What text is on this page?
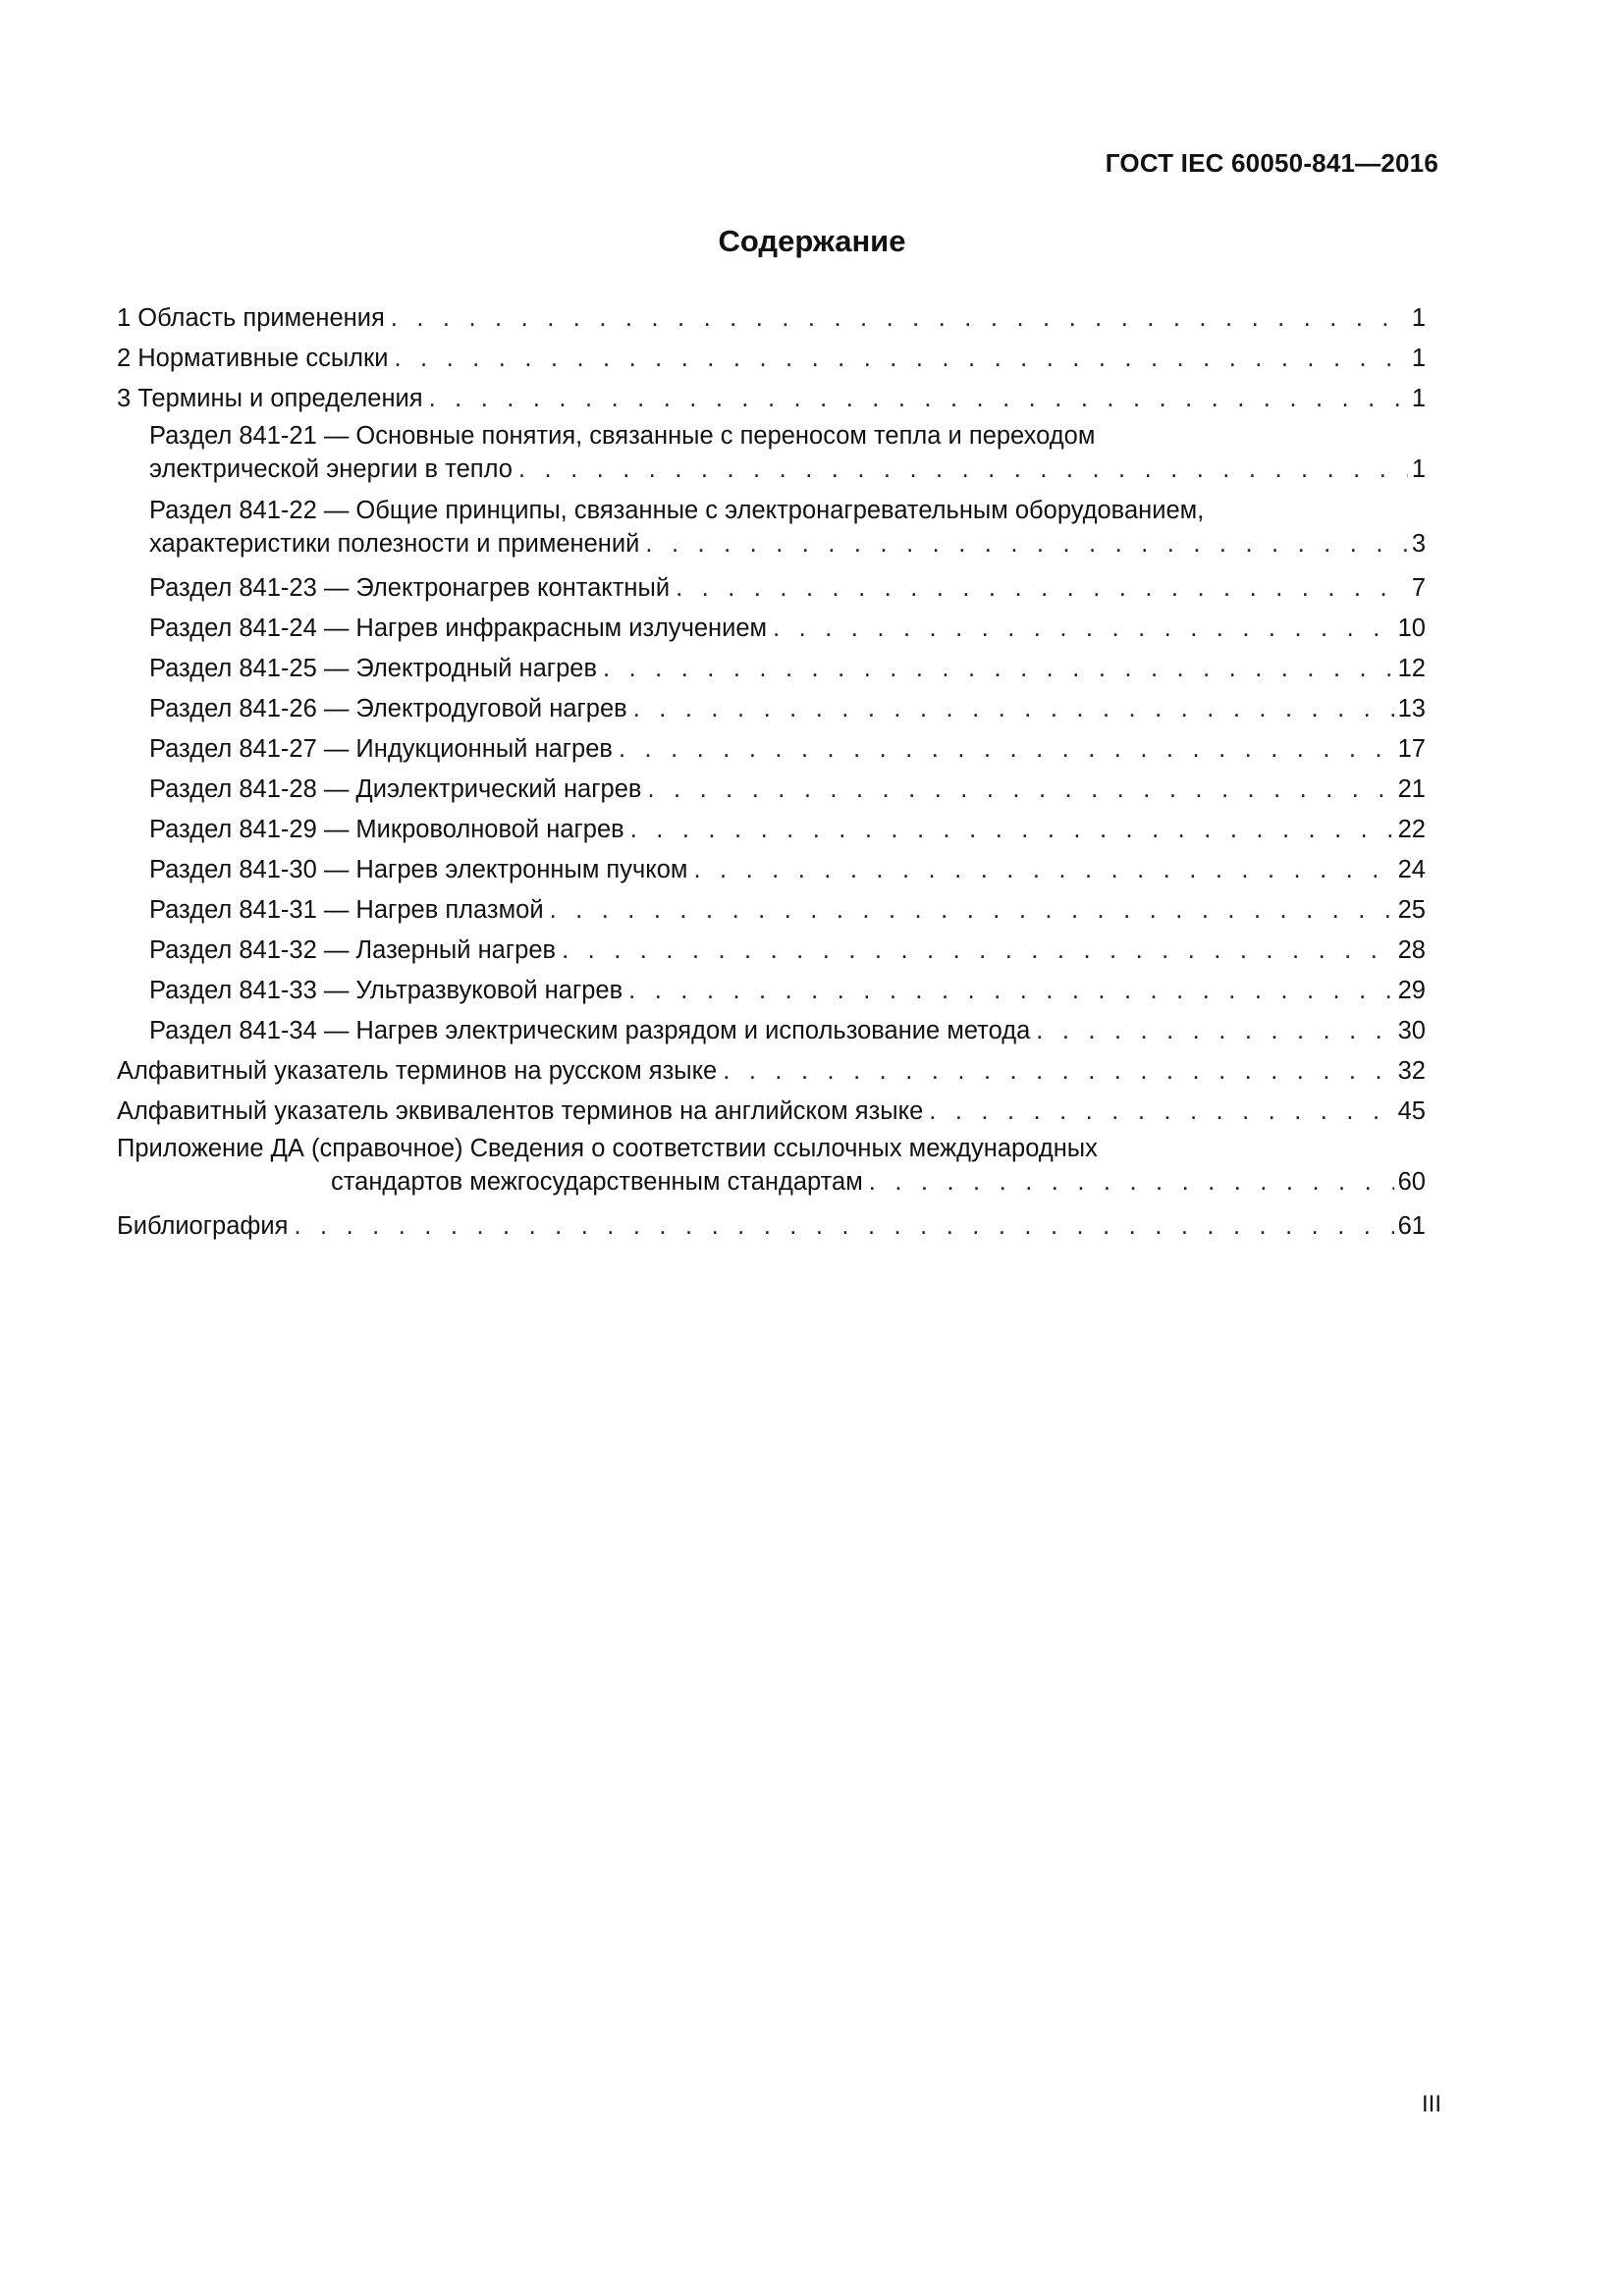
ГОСТ IEC 60050-841—2016
Содержание
1 Область применения . . .	1
2 Нормативные ссылки . . .	1
3 Термины и определения . . .	1
Раздел 841-21 — Основные понятия, связанные с переносом тепла и переходом
электрической энергии в тепло . . .	1
Раздел 841-22 — Общие принципы, связанные с электронагревательным оборудованием,
характеристики полезности и применений . . .	3
Раздел 841-23 — Электронагрев контактный . . .	7
Раздел 841-24 — Нагрев инфракрасным излучением . . .	10
Раздел 841-25 — Электродный нагрев . . .	12
Раздел 841-26 — Электродуговой нагрев . . .	13
Раздел 841-27 — Индукционный нагрев . . .	17
Раздел 841-28 — Диэлектрический нагрев . . .	21
Раздел 841-29 — Микроволновой нагрев . . .	22
Раздел 841-30 — Нагрев электронным пучком . . .	24
Раздел 841-31 — Нагрев плазмой . . .	25
Раздел 841-32 — Лазерный нагрев . . .	28
Раздел 841-33 — Ультразвуковой нагрев . . .	29
Раздел 841-34 — Нагрев электрическим разрядом и использование метода . . .	30
Алфавитный указатель терминов на русском языке . . .	32
Алфавитный указатель эквивалентов терминов на английском языке . . .	45
Приложение ДА (справочное) Сведения о соответствии ссылочных международных
стандартов межгосударственным стандартам . . .	60
Библиография . . .	61
III
